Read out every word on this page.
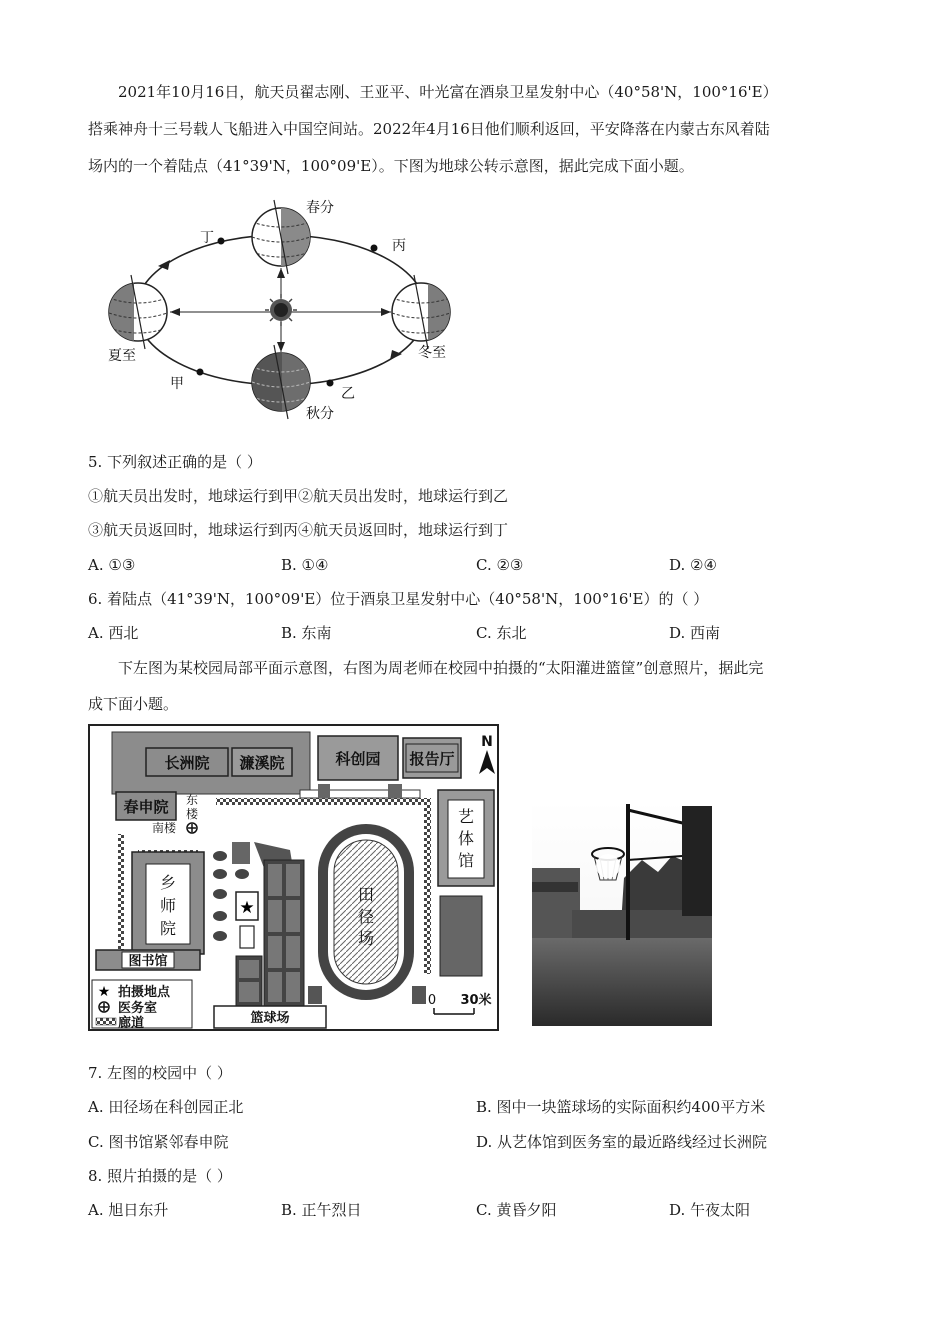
2021年10月16日，航天员翟志刚、王亚平、叶光富在酒泉卫星发射中心（40°58'N，100°16'E）
搭乘神舟十三号载人飞船进入中国空间站。2022年4月16日他们顺利返回，平安降落在内蒙古东风着陆
场内的一个着陆点（41°39'N，100°09'E）。下图为地球公转示意图，据此完成下面小题。
春分
夏至
秋分
冬至
甲
乙
丙
丁
5. 下列叙述正确的是（ ）
①航天员出发时，地球运行到甲②航天员出发时，地球运行到乙
③航天员返回时，地球运行到丙④航天员返回时，地球运行到丁
A. ①③	B. ①④	C. ②③	D. ②④
6. 着陆点（41°39'N，100°09'E）位于酒泉卫星发射中心（40°58'N，100°16'E）的（ ）
A. 西北	B. 东南	C. 东北	D. 西南
下左图为某校园局部平面示意图，右图为周老师在校园中拍摄的“太阳灌进篮筐”创意照片，据此完
成下面小题。
长洲院 濂溪院	科创园 报告厅
N
春申院 东
楼
南楼
乡
师
院
图书馆
★
篮球场
田
径
场
艺
体
馆
0 30米
★ 拍摄地点
医务室
廊道
7. 左图的校园中（ ）
A. 田径场在科创园正北	B. 图中一块篮球场的实际面积约400平方米
C. 图书馆紧邻春申院	D. 从艺体馆到医务室的最近路线经过长洲院
8. 照片拍摄的是（ ）
A. 旭日东升	B. 正午烈日	C. 黄昏夕阳	D. 午夜太阳
